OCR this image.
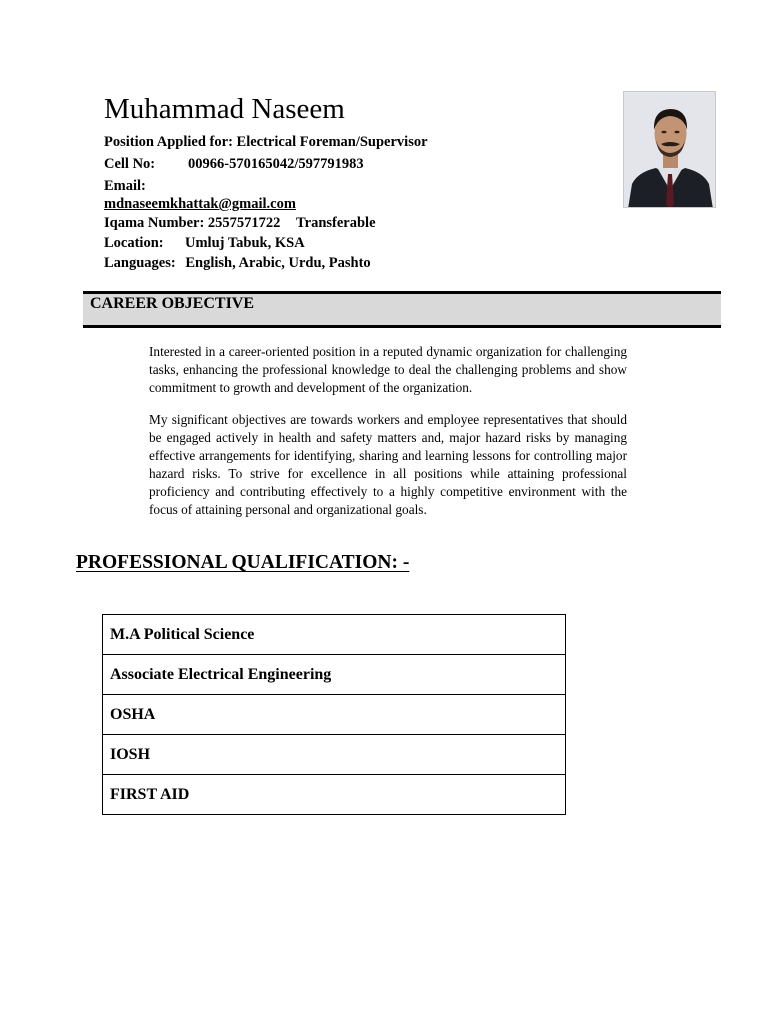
Muhammad Naseem
Position Applied for: Electrical Foreman/Supervisor
Cell No: 00966-570165042/597791983
Email:
mdnaseemkhattak@gmail.com
Iqama Number: 2557571722 Transferable
Location: Umluj Tabuk, KSA
Languages: English, Arabic, Urdu, Pashto
CAREER OBJECTIVE

Interested in a career-oriented position in a reputed dynamic organization for challenging tasks, enhancing the professional knowledge to deal the challenging problems and show commitment to growth and development of the organization.

My significant objectives are towards workers and employee representatives that should be engaged actively in health and safety matters and, major hazard risks by managing effective arrangements for identifying, sharing and learning lessons for controlling major hazard risks. To strive for excellence in all positions while attaining professional proficiency and contributing effectively to a highly competitive environment with the focus of attaining personal and organizational goals.

PROFESSIONAL QUALIFICATION: -
M.A Political Science
Associate Electrical Engineering
OSHA
IOSH
FIRST AID
